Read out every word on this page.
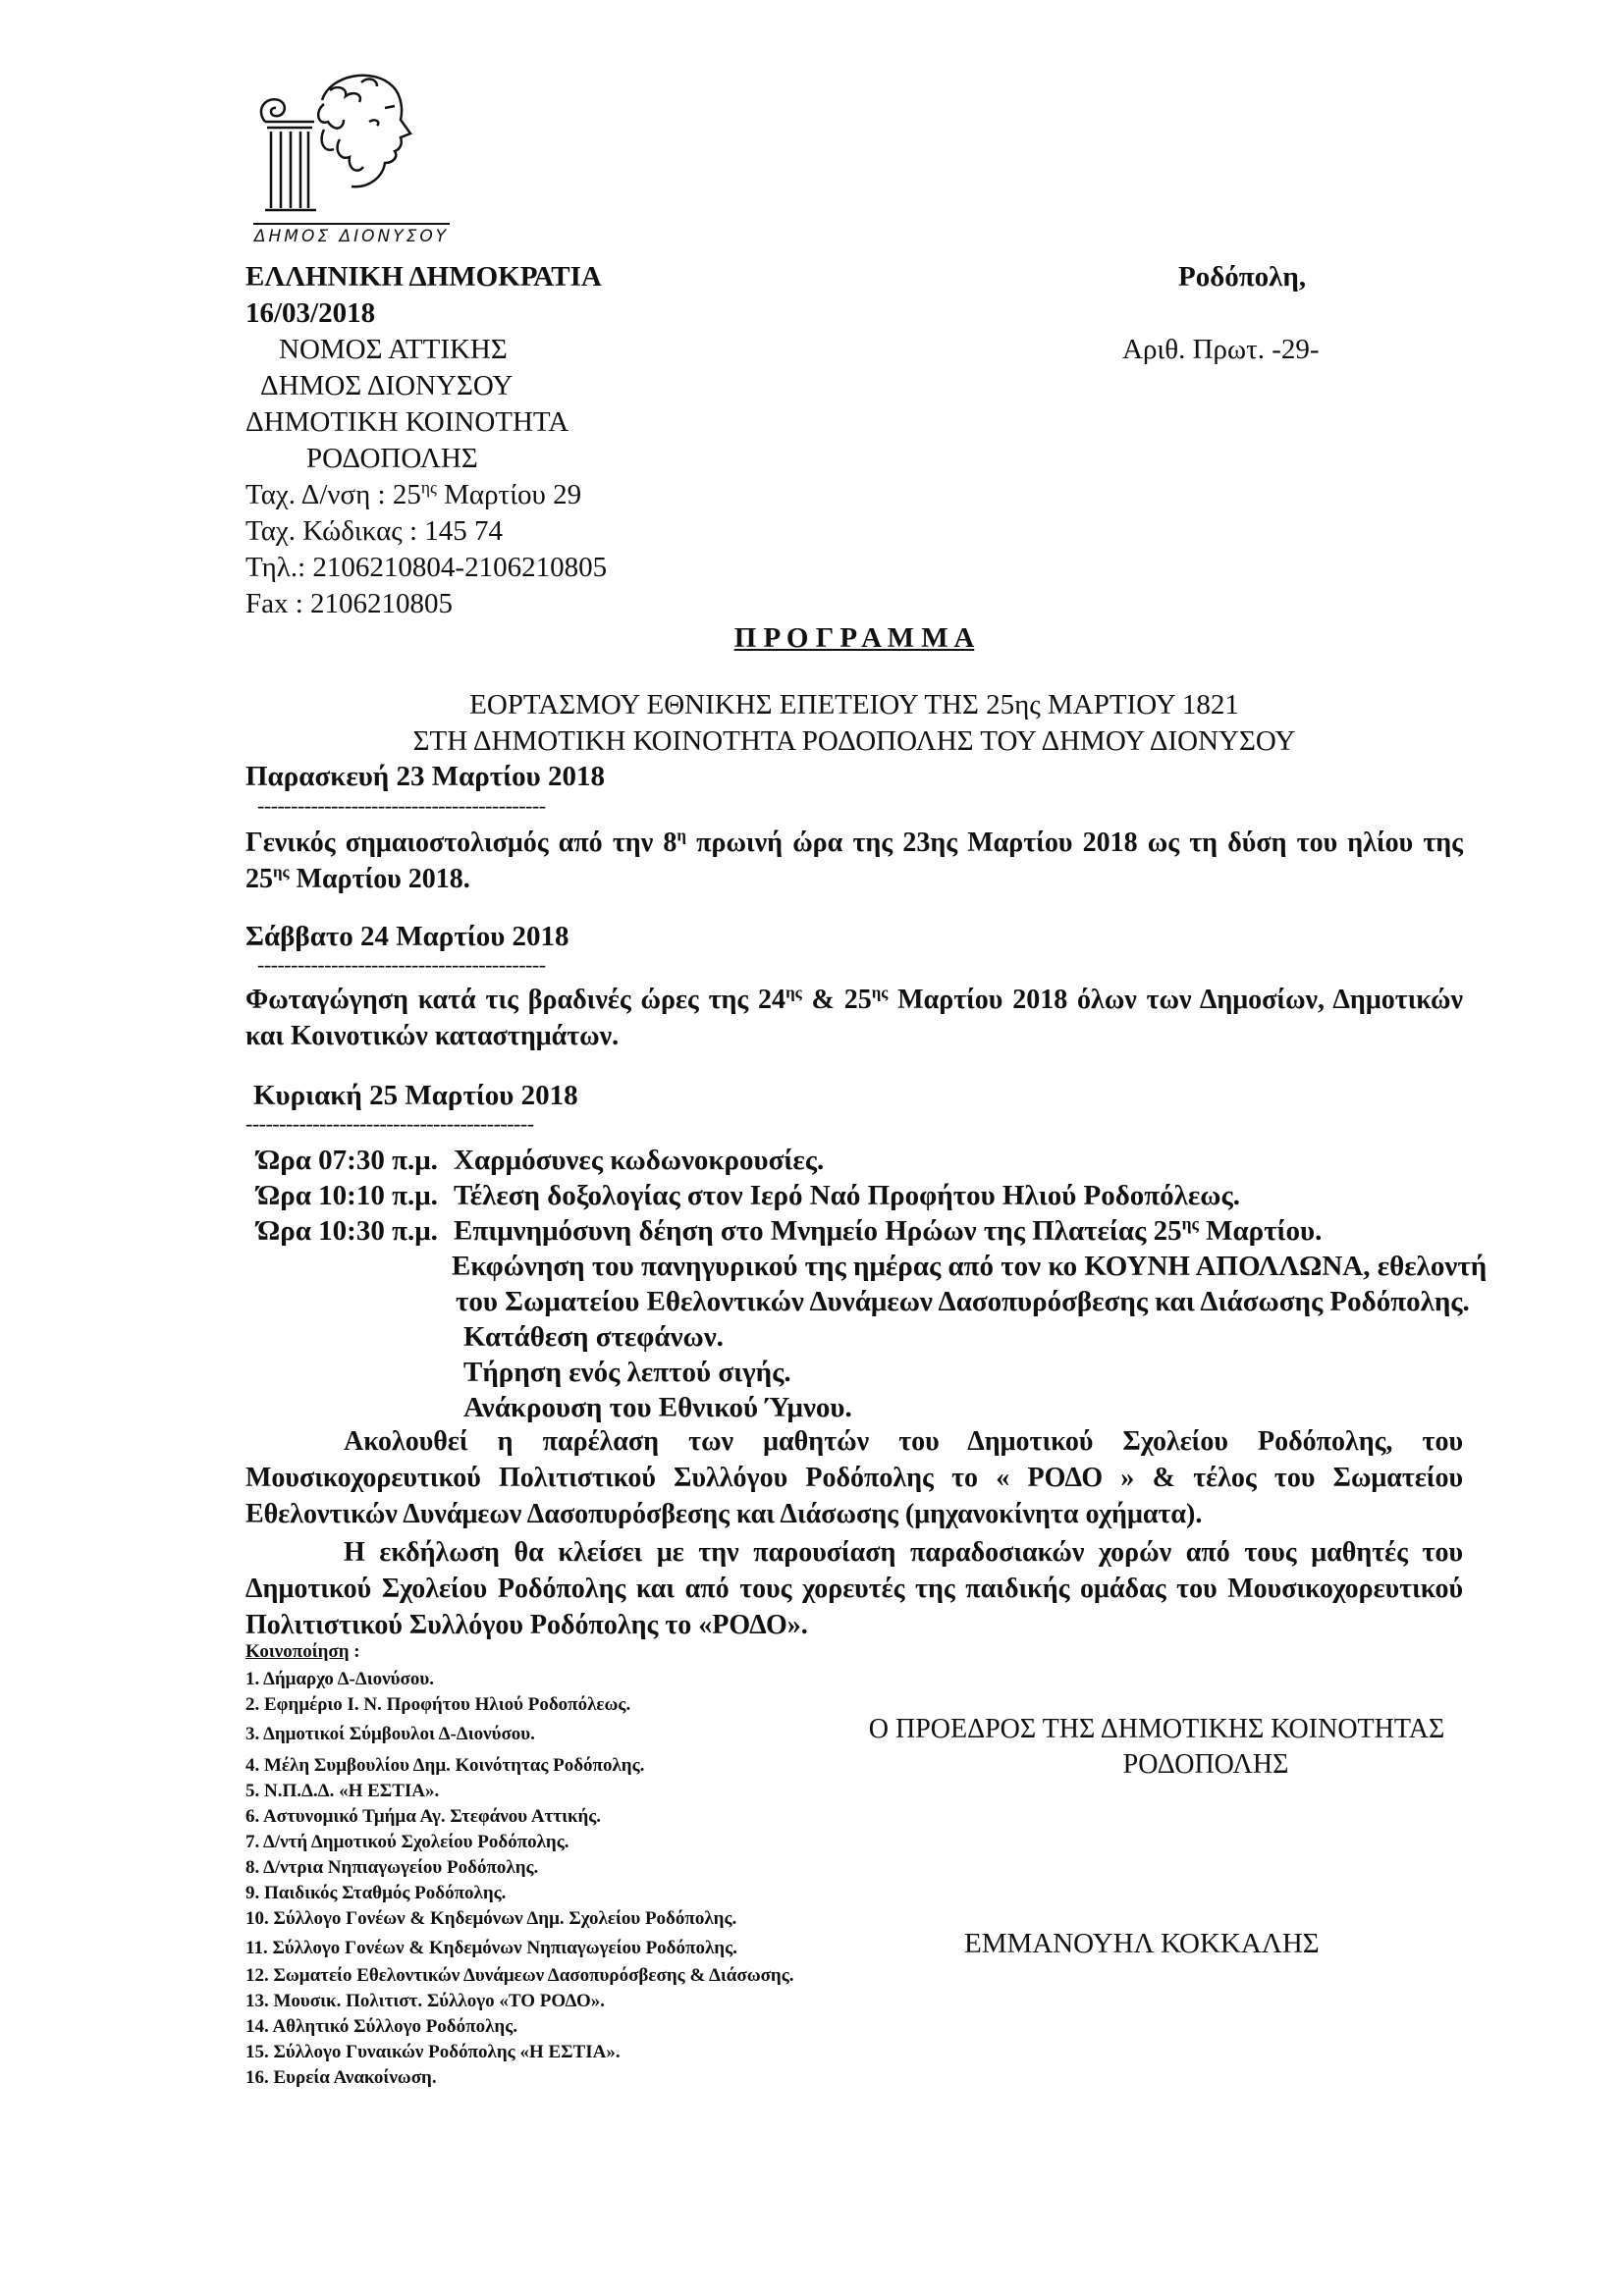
ΔΗΜΟΣ ΔΙΟΝΥΣΟΥ
ΕΛΛΗΝΙΚΗ ΔΗΜΟΚΡΑΤΙΑ
16/03/2018
ΝΟΜΟΣ ΑΤΤΙΚΗΣ
ΔΗΜΟΣ ΔΙΟΝΥΣΟΥ
ΔΗΜΟΤΙΚΗ ΚΟΙΝΟΤΗΤΑ
ΡΟΔΟΠΟΛΗΣ
Ταχ. Δ/νση : $25^{\eta\varsigma}$ Μαρτίου 29
Ταχ. Κώδικας : 145 74
Τηλ.: 2106210804-2106210805
Fax : 2106210805
Ροδόπολη,
Αριθ. Πρωτ. -29-
Π Ρ Ο Γ Ρ Α Μ Μ Α
ΕΟΡΤΑΣΜΟΥ ΕΘΝΙΚΗΣ ΕΠΕΤΕΙΟΥ ΤΗΣ 25ης ΜΑΡΤΙΟΥ 1821
ΣΤΗ ΔΗΜΟΤΙΚΗ ΚΟΙΝΟΤΗΤΑ ΡΟΔΟΠΟΛΗΣ ΤΟΥ ΔΗΜΟΥ ΔΙΟΝΥΣΟΥ
Παρασκευή 23 Μαρτίου 2018
-------------------------------------------
Γενικός σημαιοστολισμός από την $8^\eta$ πρωινή ώρα της 23ης Μαρτίου 2018 ως τη δύση του ηλίου της $25^{\eta\varsigma}$ Μαρτίου 2018.
Σάββατο 24 Μαρτίου 2018
-------------------------------------------
Φωταγώγηση κατά τις βραδινές ώρες της $24^{\eta\varsigma}$ & $25^{\eta\varsigma}$ Μαρτίου 2018 όλων των Δημοσίων, Δημοτικών και Κοινοτικών καταστημάτων.
Κυριακή 25 Μαρτίου 2018
-------------------------------------------
Ώρα 07:30 π.μ. Χαρμόσυνες κωδωνοκρουσίες.
Ώρα 10:10 π.μ. Τέλεση δοξολογίας στον Ιερό Ναό Προφήτου Ηλιού Ροδοπόλεως.
Ώρα 10:30 π.μ. Επιμνημόσυνη δέηση στο Μνημείο Ηρώων της Πλατείας $25^{\eta\varsigma}$ Μαρτίου.
Εκφώνηση του πανηγυρικού της ημέρας από τον κο ΚΟΥΝΗ ΑΠΟΛΛΩΝΑ, εθελοντή
του Σωματείου Εθελοντικών Δυνάμεων Δασοπυρόσβεσης και Διάσωσης Ροδόπολης.
Κατάθεση στεφάνων.
Τήρηση ενός λεπτού σιγής.
Ανάκρουση του Εθνικού Ύμνου.
Ακολουθεί η παρέλαση των μαθητών του Δημοτικού Σχολείου Ροδόπολης, του Μουσικοχορευτικού Πολιτιστικού Συλλόγου Ροδόπολης το « ΡΟΔΟ » & τέλος του Σωματείου Εθελοντικών Δυνάμεων Δασοπυρόσβεσης και Διάσωσης (μηχανοκίνητα οχήματα).
Η εκδήλωση θα κλείσει με την παρουσίαση παραδοσιακών χορών από τους μαθητές του Δημοτικού Σχολείου Ροδόπολης και από τους χορευτές της παιδικής ομάδας του Μουσικοχορευτικού Πολιτιστικού Συλλόγου Ροδόπολης το «ΡΟΔΟ».
Κοινοποίηση :
1. Δήμαρχο Δ-Διονύσου.
2. Εφημέριο Ι. Ν. Προφήτου Ηλιού Ροδοπόλεως.
3. Δημοτικοί Σύμβουλοι Δ-Διονύσου.
4. Μέλη Συμβουλίου Δημ. Κοινότητας Ροδόπολης.
5. Ν.Π.Δ.Δ. «Η ΕΣΤΙΑ».
6. Αστυνομικό Τμήμα Αγ. Στεφάνου Αττικής.
7. Δ/ντή Δημοτικού Σχολείου Ροδόπολης.
8. Δ/ντρια Νηπιαγωγείου Ροδόπολης.
9. Παιδικός Σταθμός Ροδόπολης.
10. Σύλλογο Γονέων & Κηδεμόνων Δημ. Σχολείου Ροδόπολης.
11. Σύλλογο Γονέων & Κηδεμόνων Νηπιαγωγείου Ροδόπολης.
12. Σωματείο Εθελοντικών Δυνάμεων Δασοπυρόσβεσης & Διάσωσης.
13. Μουσικ. Πολιτιστ. Σύλλογο «ΤΟ ΡΟΔΟ».
14. Αθλητικό Σύλλογο Ροδόπολης.
15. Σύλλογο Γυναικών Ροδόπολης «Η ΕΣΤΙΑ».
16. Ευρεία Ανακοίνωση.
Ο ΠΡΟΕΔΡΟΣ ΤΗΣ ΔΗΜΟΤΙΚΗΣ ΚΟΙΝΟΤΗΤΑΣ
ΡΟΔΟΠΟΛΗΣ
ΕΜΜΑΝΟΥΗΛ ΚΟΚΚΑΛΗΣ
